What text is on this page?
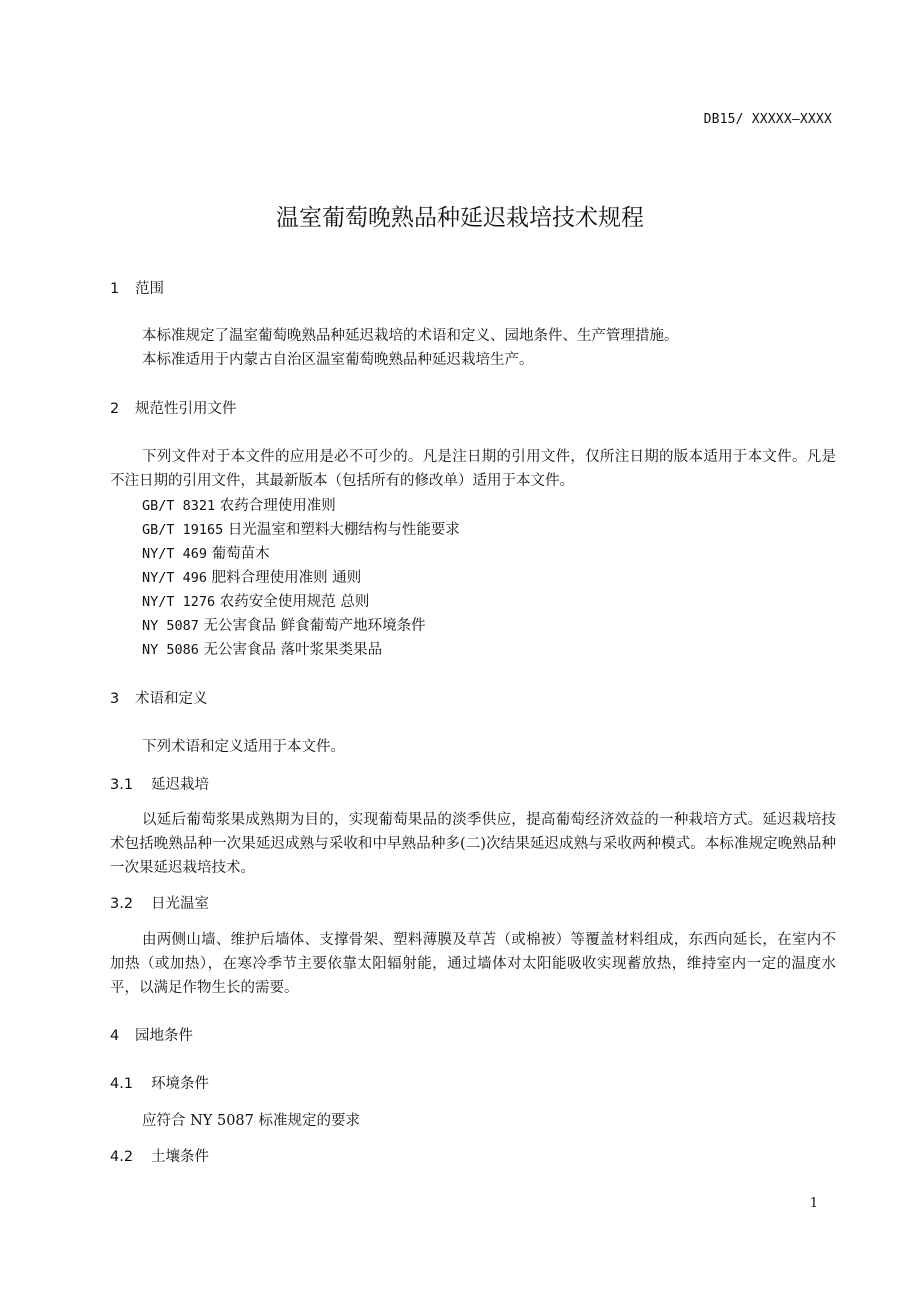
DB15/ XXXXX—XXXX
温室葡萄晚熟品种延迟栽培技术规程
1 范围
本标准规定了温室葡萄晚熟品种延迟栽培的术语和定义、园地条件、生产管理措施。
本标准适用于内蒙古自治区温室葡萄晚熟品种延迟栽培生产。
2 规范性引用文件
下列文件对于本文件的应用是必不可少的。凡是注日期的引用文件，仅所注日期的版本适用于本文件。凡是不注日期的引用文件，其最新版本（包括所有的修改单）适用于本文件。
GB/T 8321 农药合理使用准则
GB/T 19165 日光温室和塑料大棚结构与性能要求
NY/T 469 葡萄苗木
NY/T 496 肥料合理使用准则 通则
NY/T 1276 农药安全使用规范 总则
NY 5087 无公害食品 鲜食葡萄产地环境条件
NY 5086 无公害食品 落叶浆果类果品
3 术语和定义
下列术语和定义适用于本文件。
3.1 延迟栽培
以延后葡萄浆果成熟期为目的，实现葡萄果品的淡季供应，提高葡萄经济效益的一种栽培方式。延迟栽培技术包括晚熟品种一次果延迟成熟与采收和中早熟品种多(二)次结果延迟成熟与采收两种模式。本标准规定晚熟品种一次果延迟栽培技术。
3.2 日光温室
由两侧山墙、维护后墙体、支撑骨架、塑料薄膜及草苫（或棉被）等覆盖材料组成，东西向延长，在室内不加热（或加热），在寒冷季节主要依靠太阳辐射能，通过墙体对太阳能吸收实现蓄放热，维持室内一定的温度水平，以满足作物生长的需要。
4 园地条件
4.1 环境条件
应符合 NY 5087 标准规定的要求
4.2 土壤条件
1
